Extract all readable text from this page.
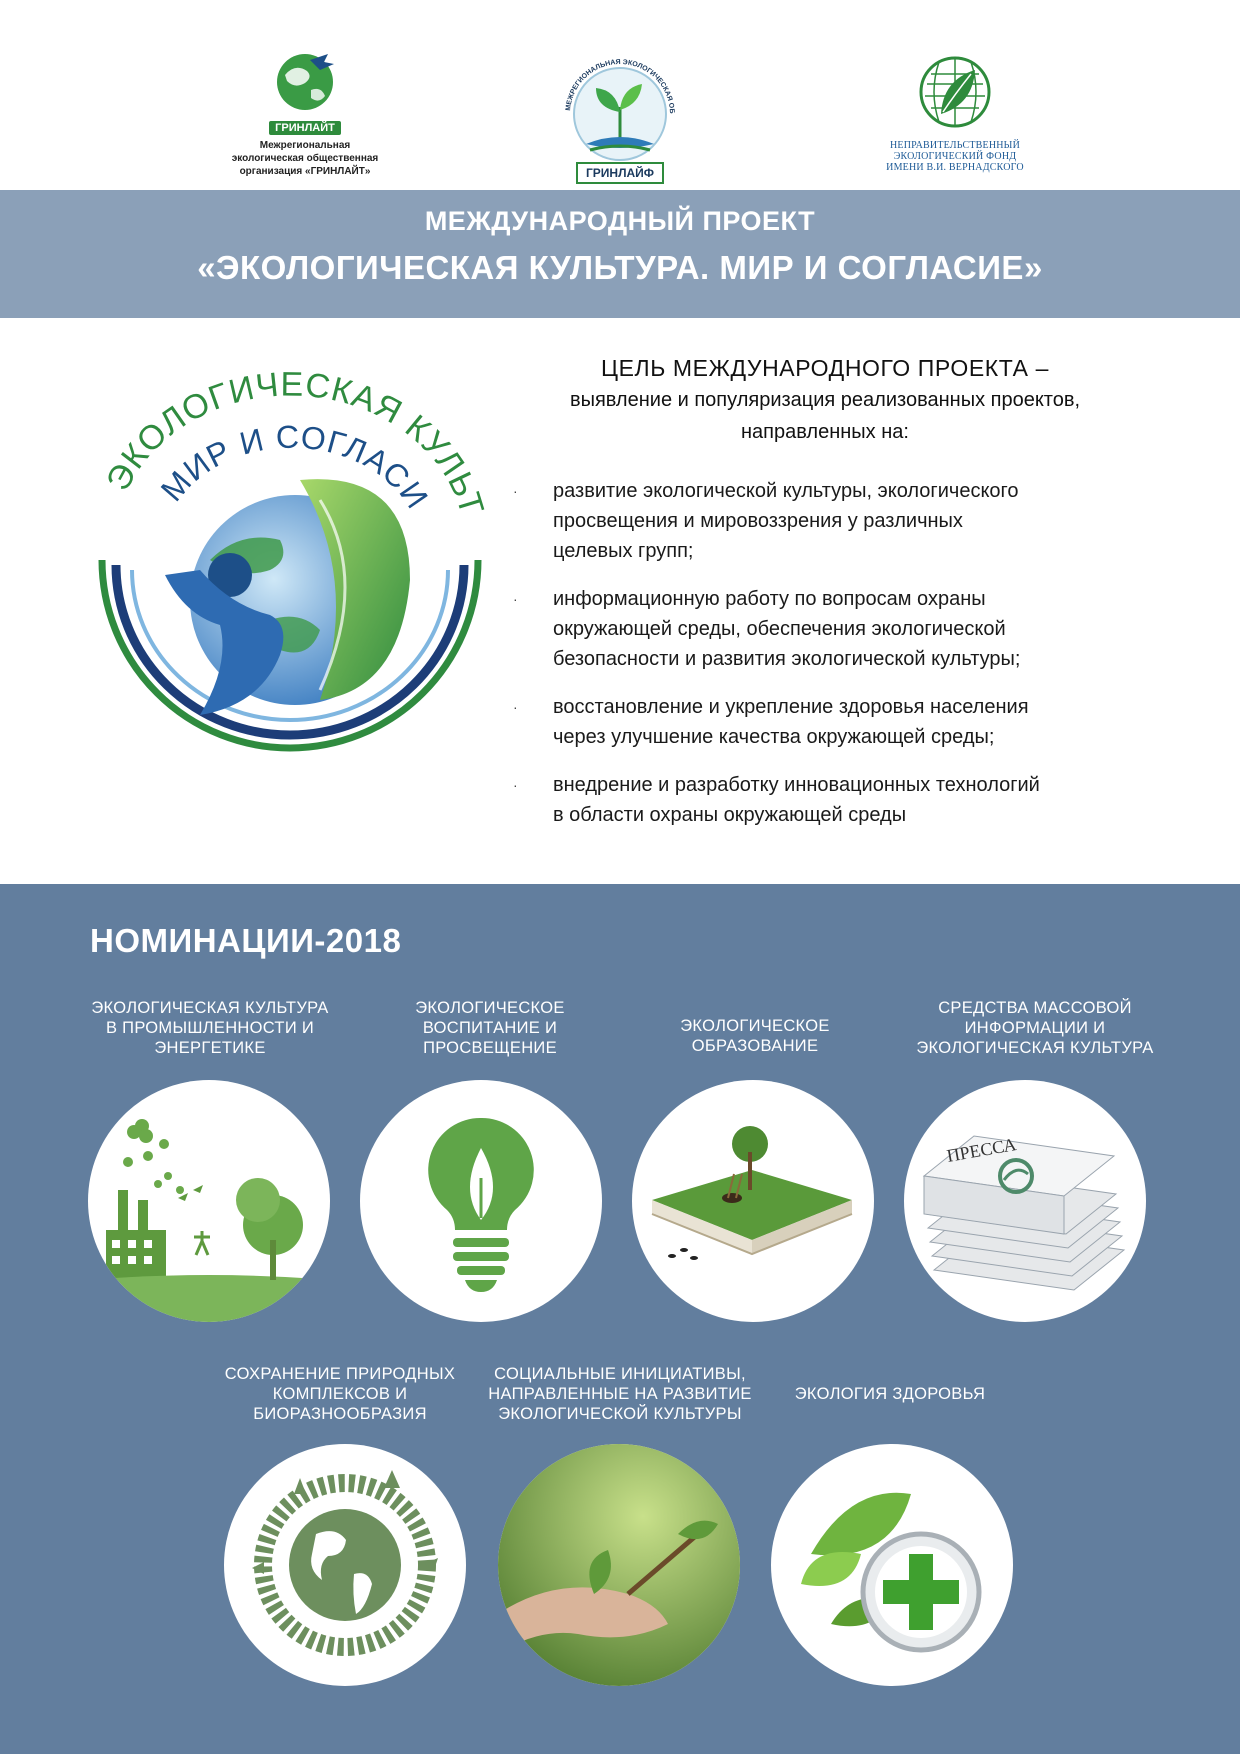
ГРИНЛАЙТ
Межрегиональная
экологическая общественная
организация «ГРИНЛАЙТ»
МЕЖРЕГИОНАЛЬНАЯ ЭКОЛОГИЧЕСКАЯ ОБ
ГРИНЛАЙФ
НЕПРАВИТЕЛЬСТВЕННЫЙ
ЭКОЛОГИЧЕСКИЙ ФОНД
ИМЕНИ В.И. ВЕРНАДСКОГО
МЕЖДУНАРОДНЫЙ ПРОЕКТ
«ЭКОЛОГИЧЕСКАЯ КУЛЬТУРА. МИР И СОГЛАСИЕ»
ЭКОЛОГИЧЕСКАЯ КУЛЬТ
МИР И СОГЛАСИ
ЦЕЛЬ МЕЖДУНАРОДНОГО ПРОЕКТА –
выявление и популяризация реализованных проектов,
направленных на:
· развитие экологической культуры, экологического
просвещения и мировоззрения у различных
целевых групп;
· информационную работу по вопросам охраны
окружающей среды, обеспечения экологической
безопасности и развития экологической культуры;
· восстановление и укрепление здоровья населения
через улучшение качества окружающей среды;
· внедрение и разработку инновационных технологий
в области охраны окружающей среды
НОМИНАЦИИ-2018
ЭКОЛОГИЧЕСКАЯ КУЛЬТУРА
В ПРОМЫШЛЕННОСТИ И
ЭНЕРГЕТИКЕ
ЭКОЛОГИЧЕСКОЕ
ВОСПИТАНИЕ И
ПРОСВЕЩЕНИЕ
ЭКОЛОГИЧЕСКОЕ
ОБРАЗОВАНИЕ
СРЕДСТВА МАССОВОЙ
ИНФОРМАЦИИ И
ЭКОЛОГИЧЕСКАЯ КУЛЬТУРА
ПРЕССА
СОХРАНЕНИЕ ПРИРОДНЫХ
КОМПЛЕКСОВ И
БИОРАЗНООБРАЗИЯ
СОЦИАЛЬНЫЕ ИНИЦИАТИВЫ,
НАПРАВЛЕННЫЕ НА РАЗВИТИЕ
ЭКОЛОГИЧЕСКОЙ КУЛЬТУРЫ
ЭКОЛОГИЯ ЗДОРОВЬЯ
